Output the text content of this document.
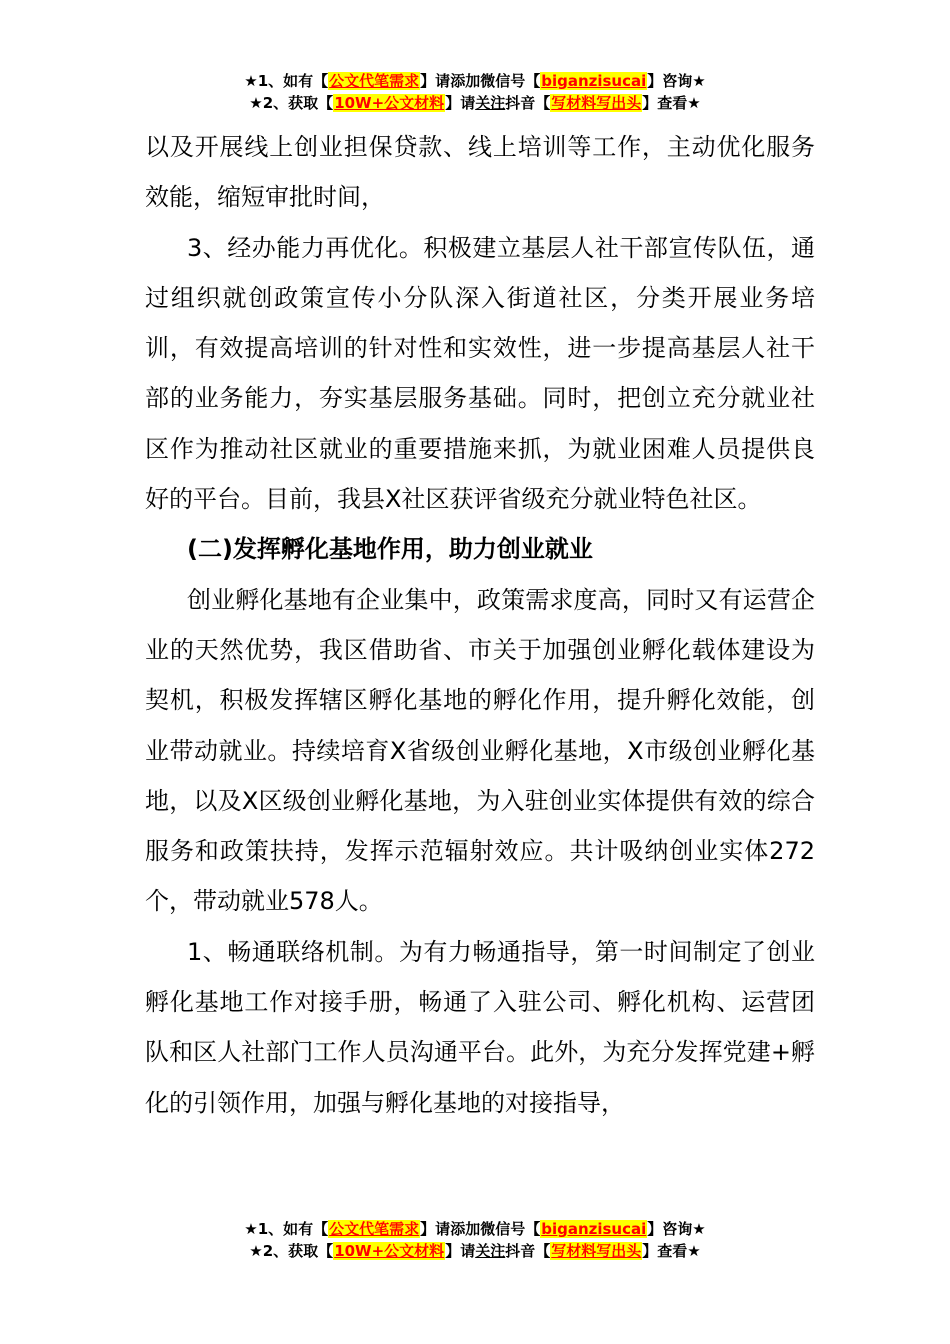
★1、如有【公文代笔需求】请添加微信号【biganzisucai】咨询★
★2、获取【10W+公文材料】请关注抖音【写材料写出头】查看★

以及开展线上创业担保贷款、线上培训等工作，主动优化服务效能，缩短审批时间，

3、经办能力再优化。积极建立基层人社干部宣传队伍，通过组织就创政策宣传小分队深入街道社区，分类开展业务培训，有效提高培训的针对性和实效性，进一步提高基层人社干部的业务能力，夯实基层服务基础。同时，把创立充分就业社区作为推动社区就业的重要措施来抓，为就业困难人员提供良好的平台。目前，我县X社区获评省级充分就业特色社区。

(二)发挥孵化基地作用，助力创业就业

创业孵化基地有企业集中，政策需求度高，同时又有运营企业的天然优势，我区借助省、市关于加强创业孵化载体建设为契机，积极发挥辖区孵化基地的孵化作用，提升孵化效能，创业带动就业。持续培育X省级创业孵化基地，X市级创业孵化基地，以及X区级创业孵化基地，为入驻创业实体提供有效的综合服务和政策扶持，发挥示范辐射效应。共计吸纳创业实体272个，带动就业578人。

1、畅通联络机制。为有力畅通指导，第一时间制定了创业孵化基地工作对接手册，畅通了入驻公司、孵化机构、运营团队和区人社部门工作人员沟通平台。此外，为充分发挥党建+孵化的引领作用，加强与孵化基地的对接指导，

★1、如有【公文代笔需求】请添加微信号【biganzisucai】咨询★
★2、获取【10W+公文材料】请关注抖音【写材料写出头】查看★
